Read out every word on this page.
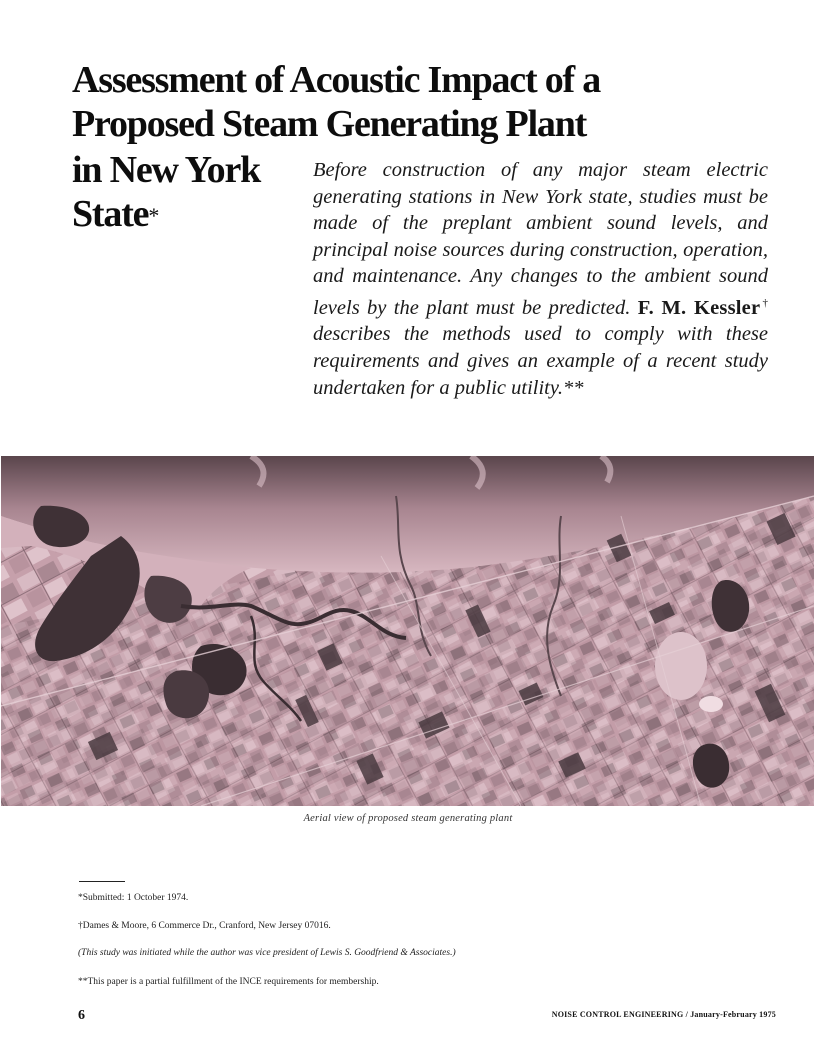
Assessment of Acoustic Impact of a
Proposed Steam Generating Plant
in New York
State*

Before construction of any major steam electric generating stations in New York state, studies must be made of the preplant ambient sound levels, and principal noise sources during construction, operation, and maintenance. Any changes to the ambient sound levels by the plant must be predicted. F. M. Kessler† describes the methods used to comply with these requirements and gives an example of a recent study undertaken for a public utility.**

Aerial view of proposed steam generating plant

*Submitted: 1 October 1974.

†Dames & Moore, 6 Commerce Dr., Cranford, New Jersey 07016.

(This study was initiated while the author was vice president of Lewis S. Goodfriend & Associates.)

**This paper is a partial fulfillment of the INCE requirements for membership.

6	NOISE CONTROL ENGINEERING / January-February 1975
